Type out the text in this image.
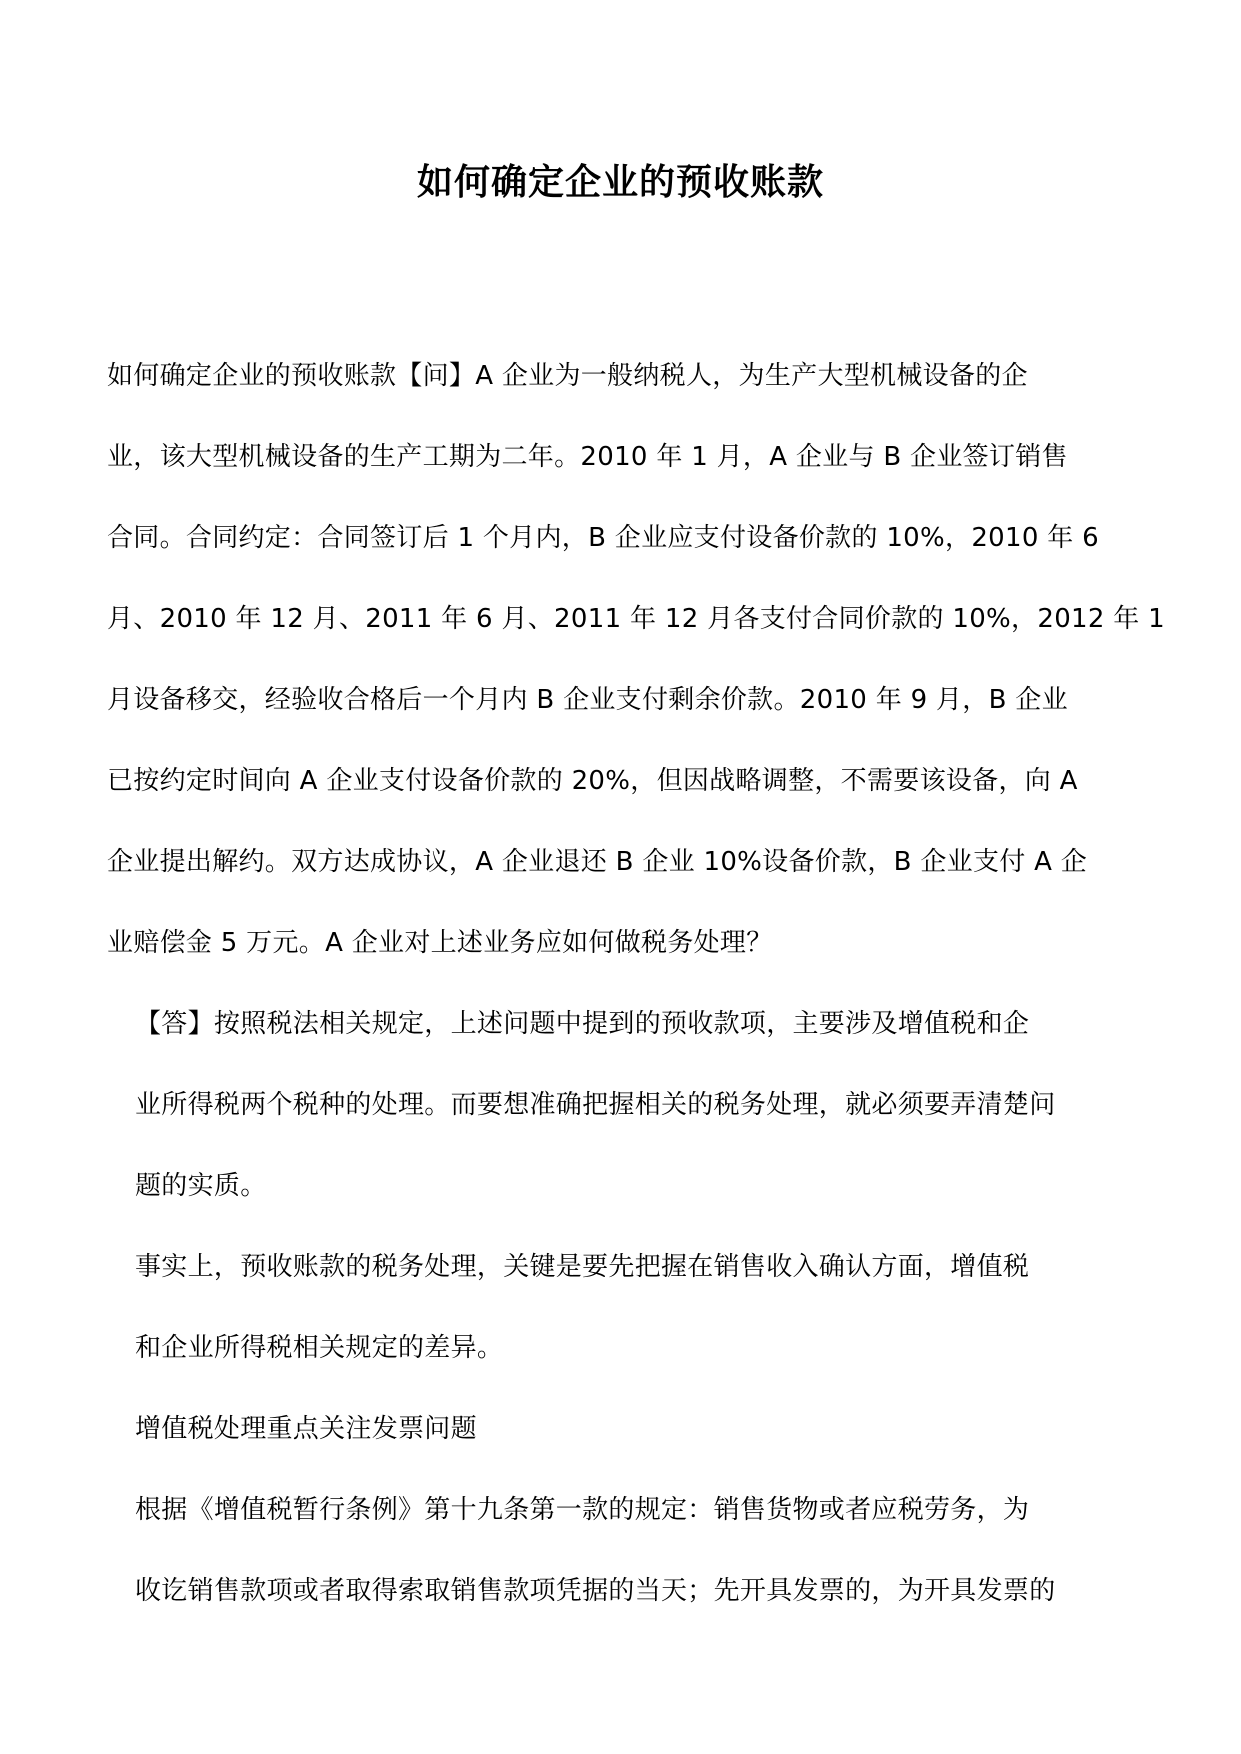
如何确定企业的预收账款

如何确定企业的预收账款【问】A 企业为一般纳税人，为生产大型机械设备的企
业，该大型机械设备的生产工期为二年。2010 年 1 月，A 企业与 B 企业签订销售
合同。合同约定：合同签订后 1 个月内，B 企业应支付设备价款的 10%，2010 年 6
月、2010 年 12 月、2011 年 6 月、2011 年 12 月各支付合同价款的 10%，2012 年 1
月设备移交，经验收合格后一个月内 B 企业支付剩余价款。2010 年 9 月，B 企业
已按约定时间向 A 企业支付设备价款的 20%，但因战略调整，不需要该设备，向 A
企业提出解约。双方达成协议，A 企业退还 B 企业 10%设备价款，B 企业支付 A 企
业赔偿金 5 万元。A 企业对上述业务应如何做税务处理？

【答】按照税法相关规定，上述问题中提到的预收款项，主要涉及增值税和企
业所得税两个税种的处理。而要想准确把握相关的税务处理，就必须要弄清楚问
题的实质。

事实上，预收账款的税务处理，关键是要先把握在销售收入确认方面，增值税
和企业所得税相关规定的差异。

增值税处理重点关注发票问题

根据《增值税暂行条例》第十九条第一款的规定：销售货物或者应税劳务，为
收讫销售款项或者取得索取销售款项凭据的当天；先开具发票的，为开具发票的
